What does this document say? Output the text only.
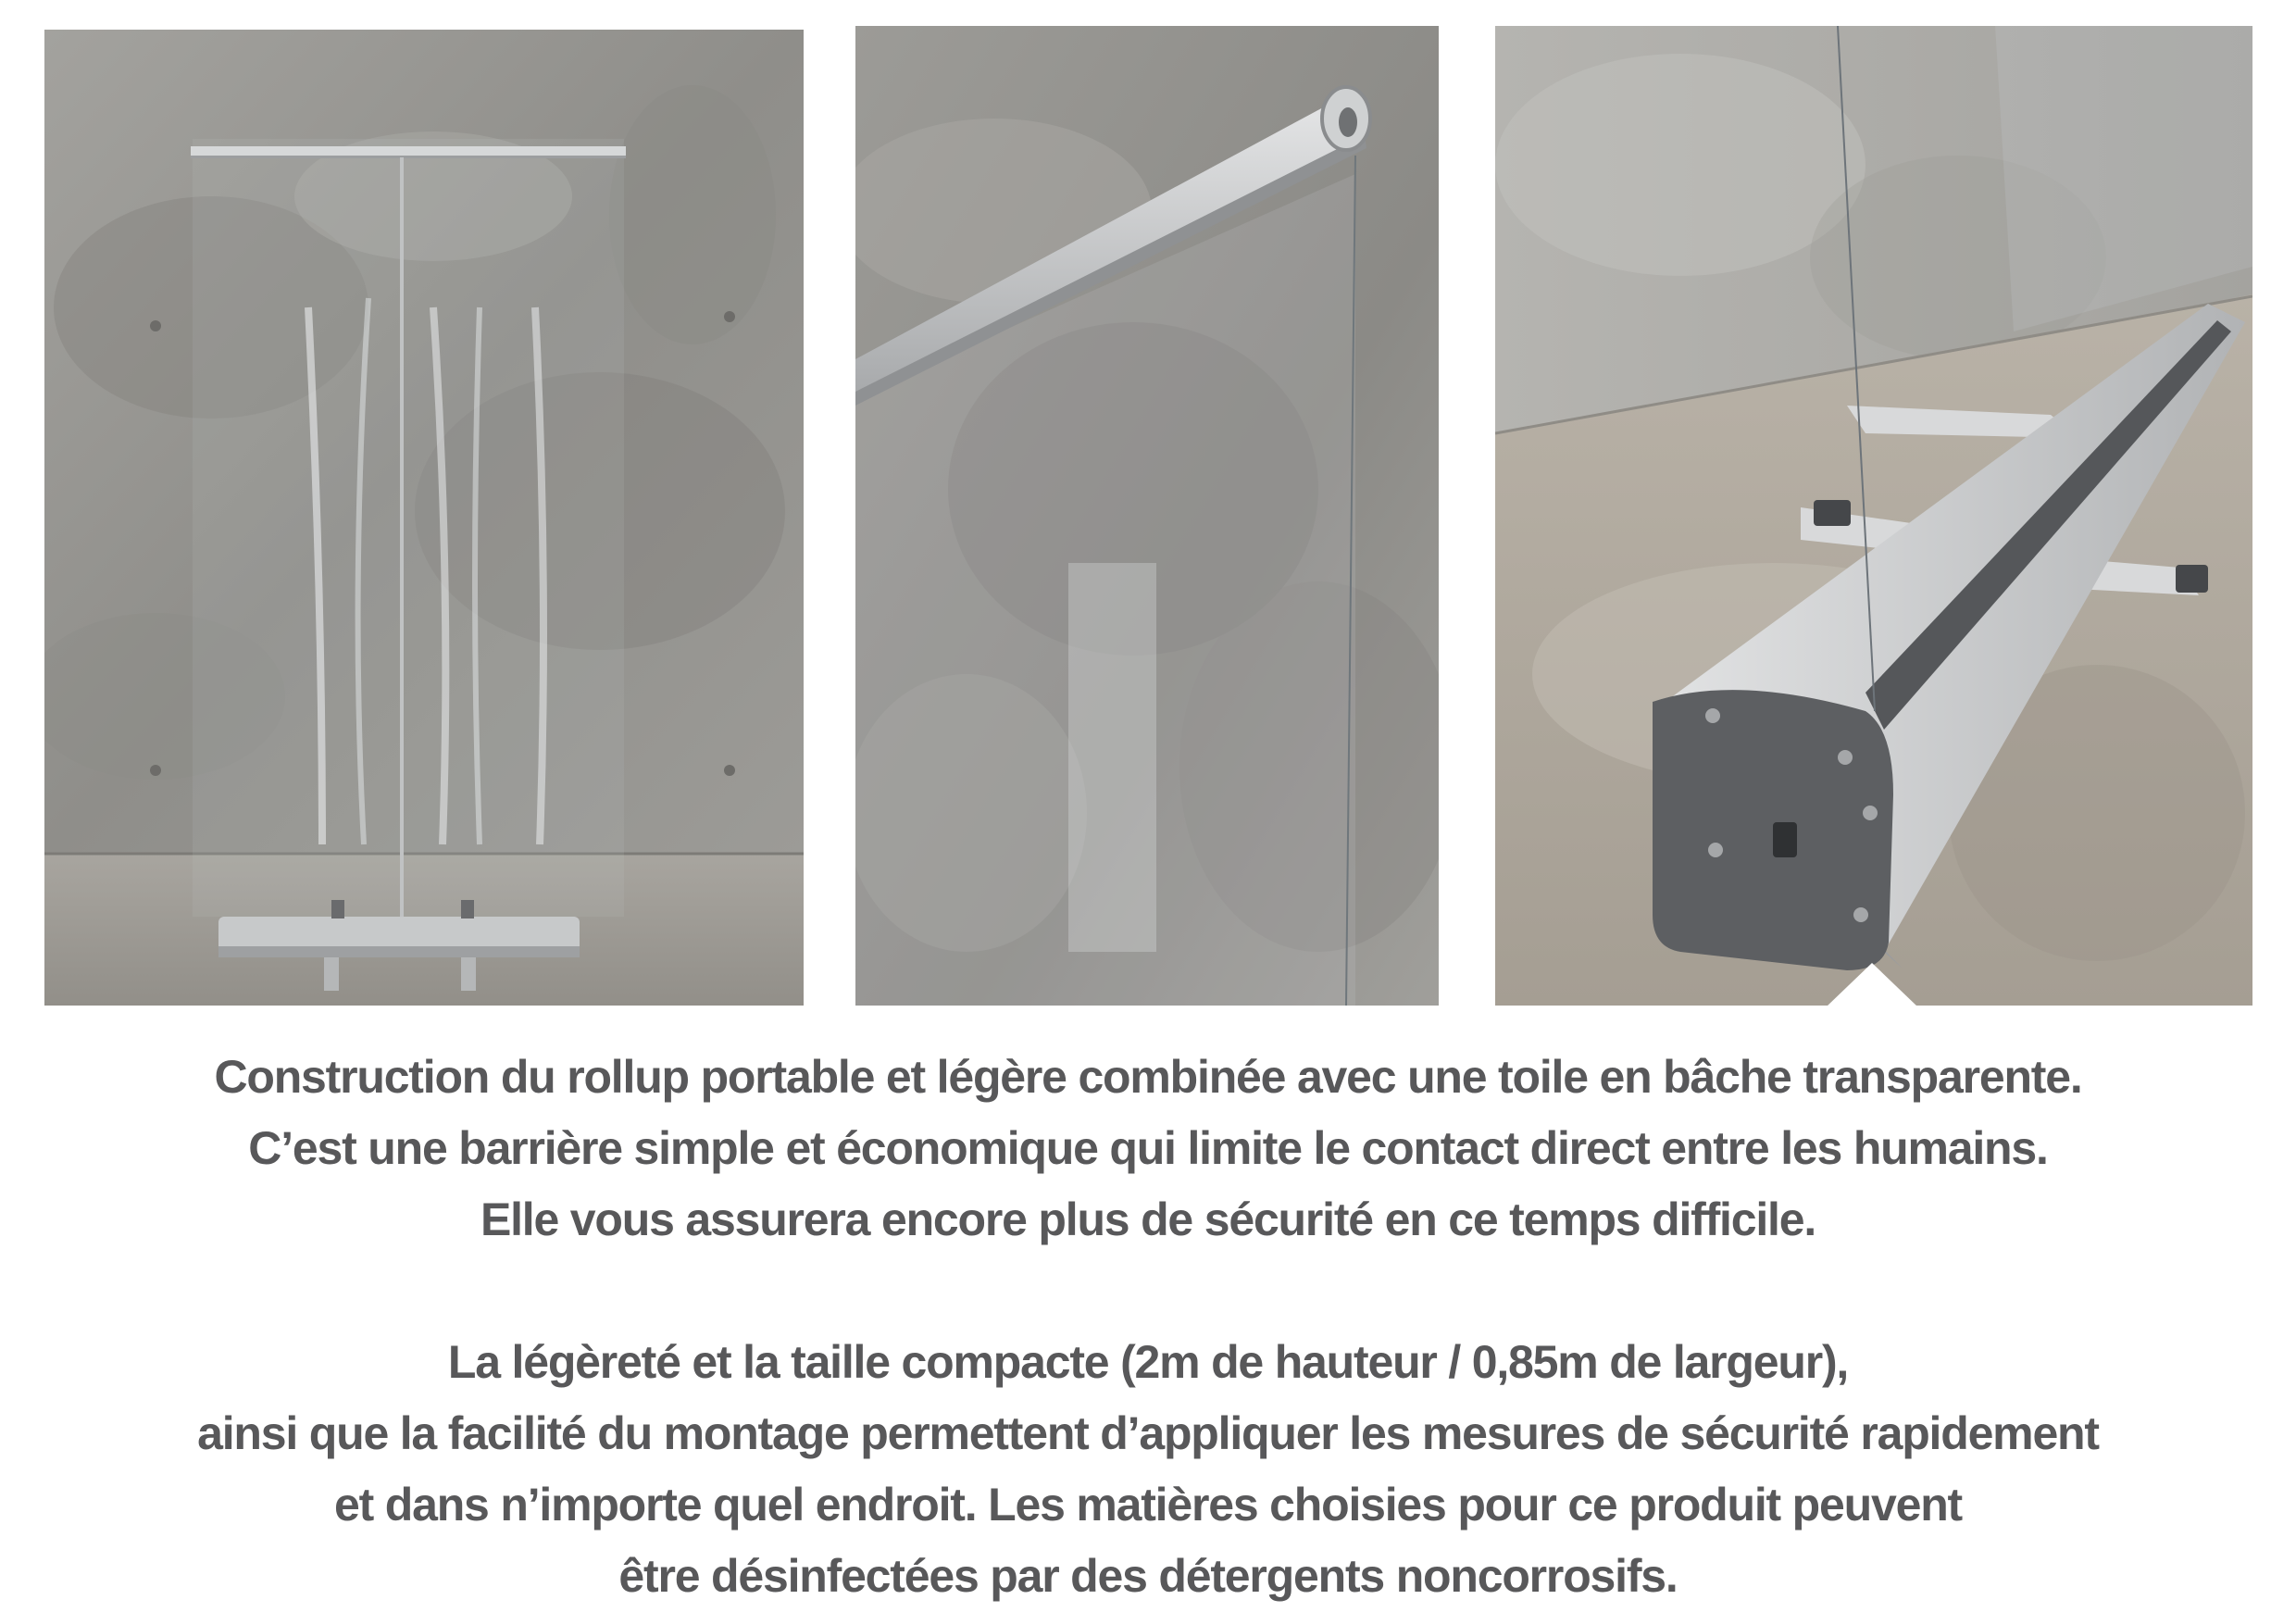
Construction du rollup portable et légère combinée avec une toile en bâche transparente.
C’est une barrière simple et économique qui limite le contact direct entre les humains.
Elle vous assurera encore plus de sécurité en ce temps difficile.
La légèreté et la taille compacte (2m de hauteur / 0,85m de largeur),
ainsi que la facilité du montage permettent d’appliquer les mesures de sécurité rapidement
et dans n’importe quel endroit. Les matières choisies pour ce produit peuvent
être désinfectées par des détergents noncorrosifs.
